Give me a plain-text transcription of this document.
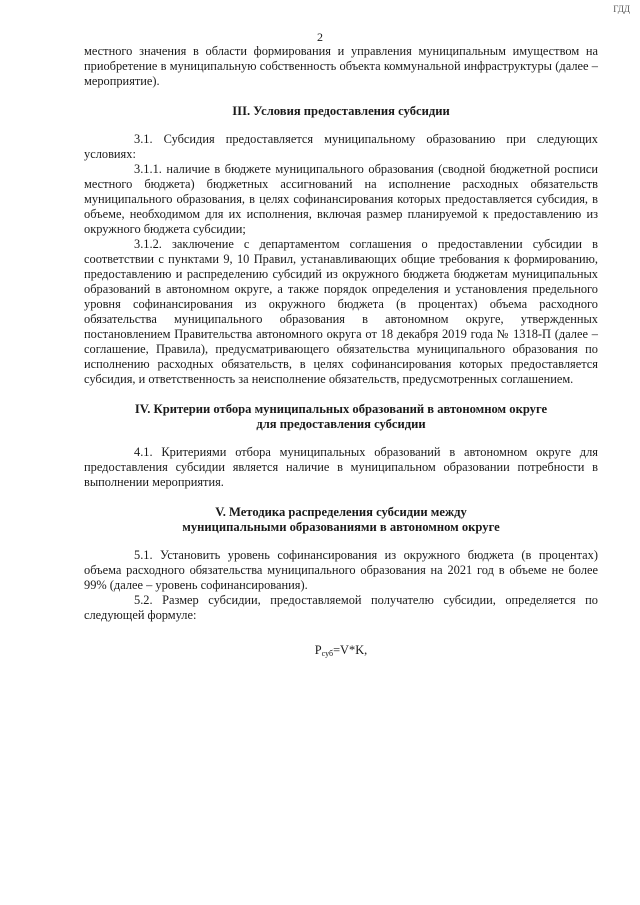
ГДД
2

местного значения в области формирования и управления муниципальным имуществом на приобретение в муниципальную собственность объекта коммунальной инфраструктуры (далее – мероприятие).

III. Условия предоставления субсидии

3.1. Субсидия предоставляется муниципальному образованию при следующих условиях:

3.1.1. наличие в бюджете муниципального образования (сводной бюджетной росписи местного бюджета) бюджетных ассигнований на исполнение расходных обязательств муниципального образования, в целях софинансирования которых предоставляется субсидия, в объеме, необходимом для их исполнения, включая размер планируемой к предоставлению из окружного бюджета субсидии;

3.1.2. заключение с департаментом соглашения о предоставлении субсидии в соответствии с пунктами 9, 10 Правил, устанавливающих общие требования к формированию, предоставлению и распределению субсидий из окружного бюджета бюджетам муниципальных образований в автономном округе, а также порядок определения и установления предельного уровня софинансирования из окружного бюджета (в процентах) объема расходного обязательства муниципального образования в автономном округе, утвержденных постановлением Правительства автономного округа от 18 декабря 2019 года № 1318-П (далее – соглашение, Правила), предусматривающего обязательства муниципального образования по исполнению расходных обязательств, в целях софинансирования которых предоставляется субсидия, и ответственность за неисполнение обязательств, предусмотренных соглашением.

IV. Критерии отбора муниципальных образований в автономном округе

для предоставления субсидии

4.1. Критериями отбора муниципальных образований в автономном округе для предоставления субсидии является наличие в муниципальном образовании потребности в выполнении мероприятия.

V. Методика распределения субсидии между

муниципальными образованиями в автономном округе

5.1. Установить уровень софинансирования из окружного бюджета (в процентах) объема расходного обязательства муниципального образования на 2021 год в объеме не более 99% (далее – уровень софинансирования).

5.2. Размер субсидии, предоставляемой получателю субсидии, определяется по следующей формуле:

$P_{суб}=V*K$,
